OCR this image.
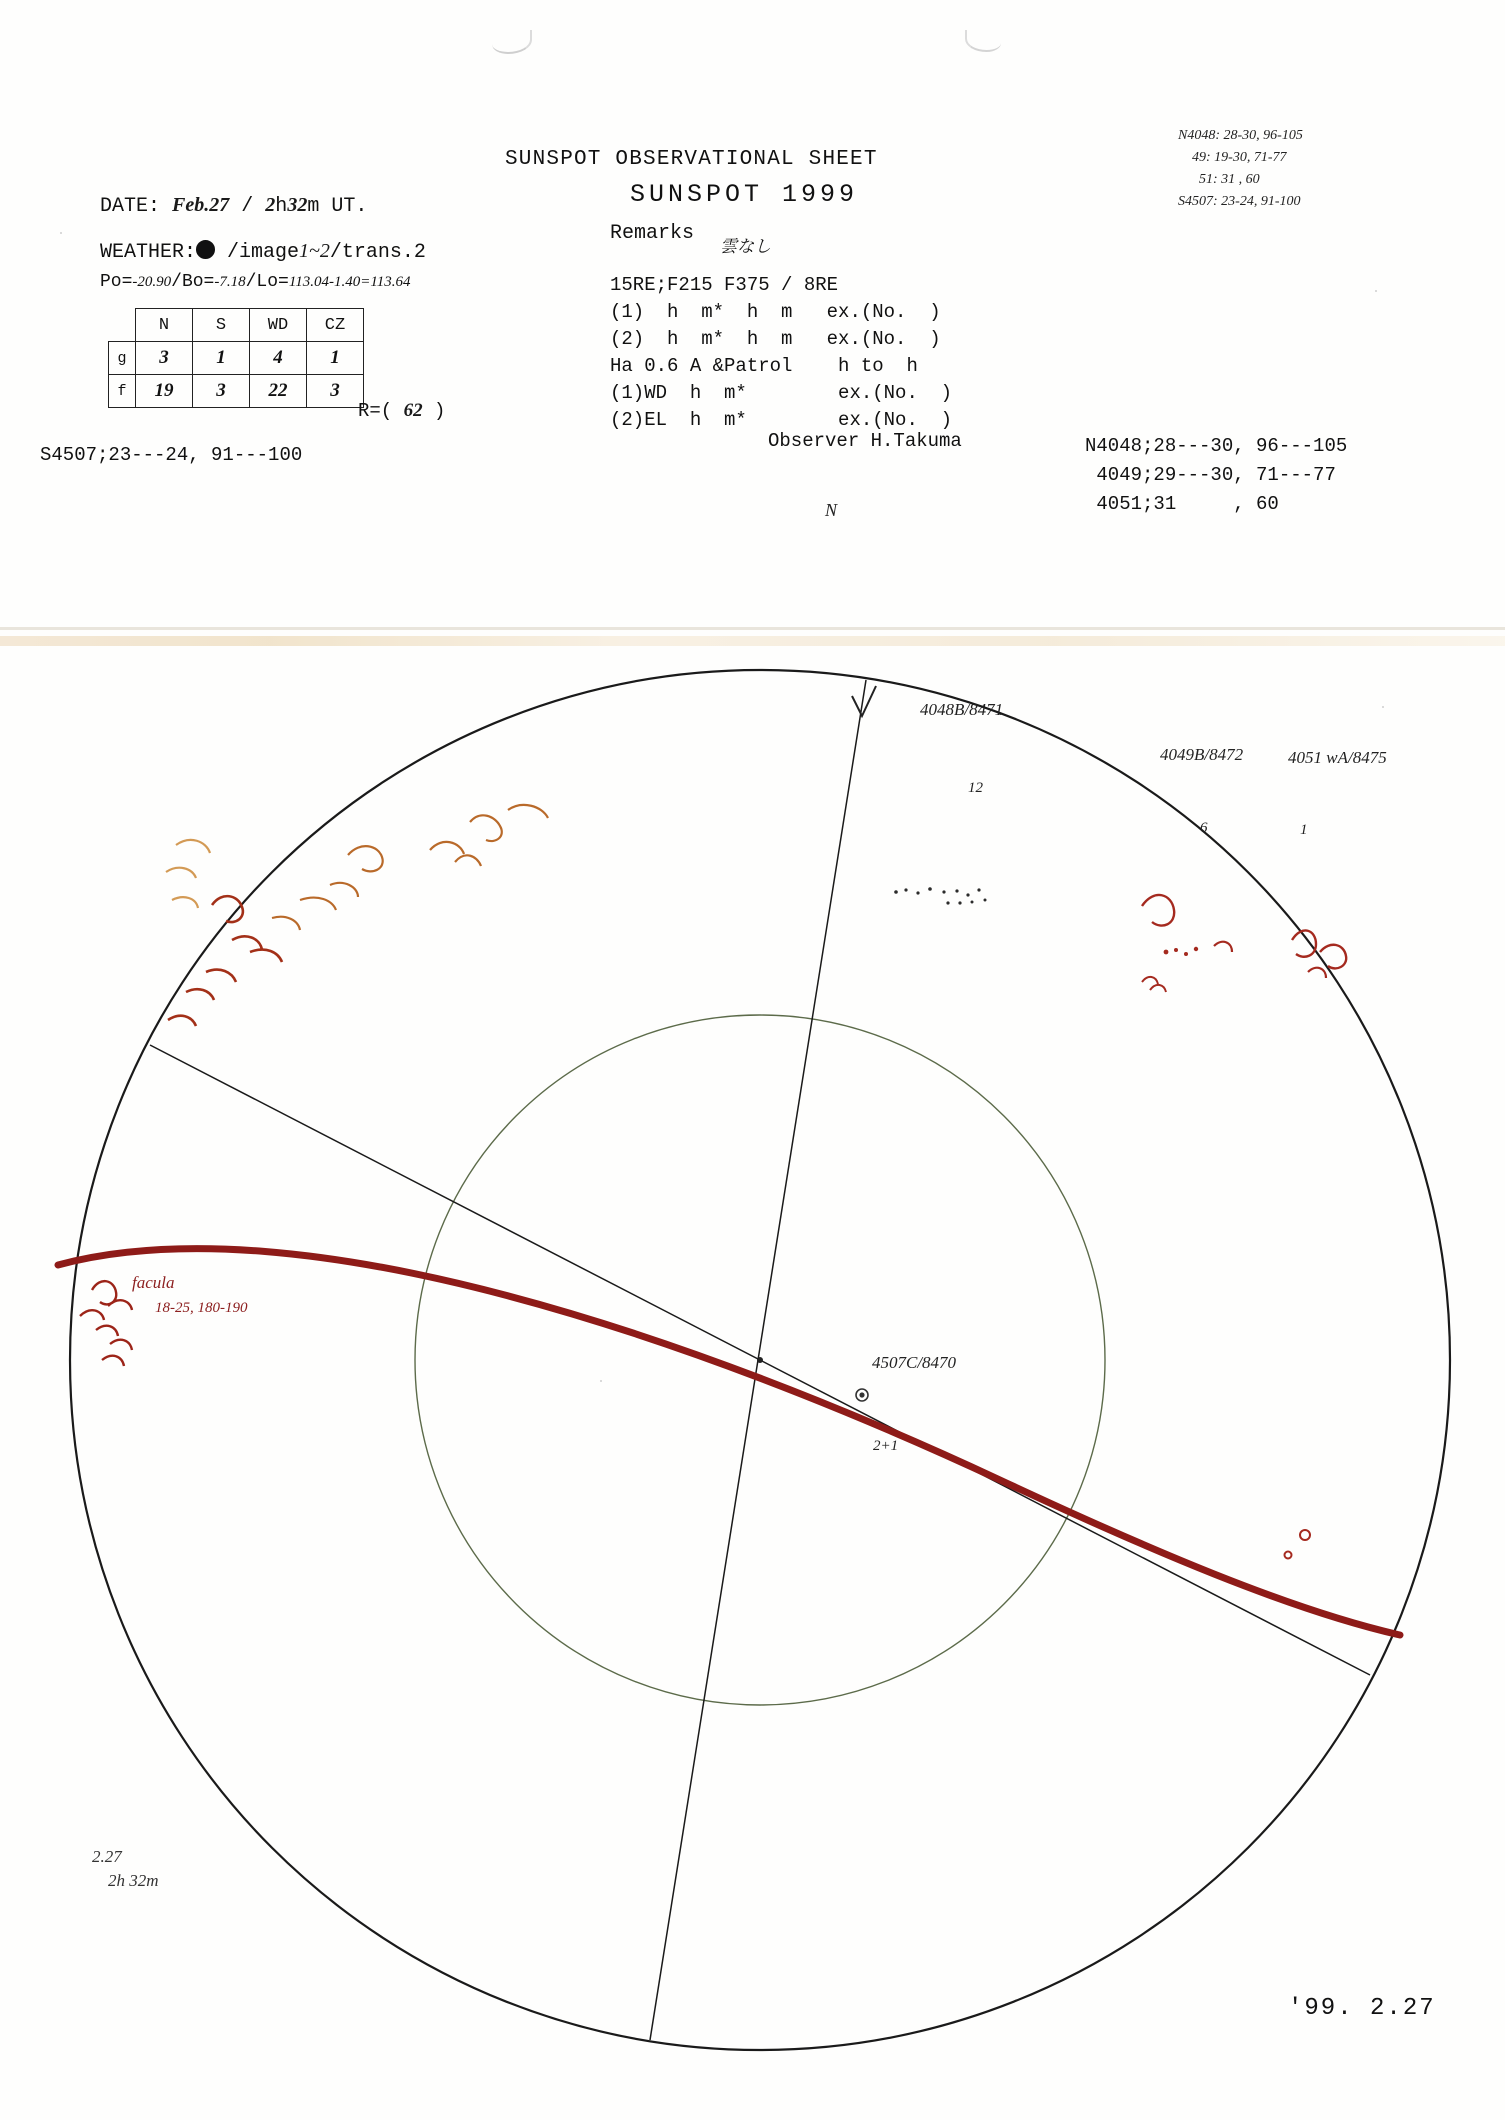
SUNSPOT OBSERVATIONAL SHEET
SUNSPOT 1999
DATE: Feb.27 / 2h32m UT.
WEATHER: /image1~2/trans.2
Po=-20.90/Bo=-7.18/Lo=113.04-1.40=113.64
	N	S	WD	CZ
g	3	1	4	1
f	19	3	22	3
R=( 62 )
S4507;23---24, 91---100
Remarks
雲なし
15RE;F215 F375 / 8RE
(1)  h  m*  h  m   ex.(No.  )
(2)  h  m*  h  m   ex.(No.  )
Ha 0.6 A &Patrol    h to  h
(1)WD  h  m*        ex.(No.  )
(2)EL  h  m*        ex.(No.  )
Observer H.Takuma
N4048: 28-30, 96-105
49: 19-30, 71-77
51: 31 , 60
S4507: 23-24, 91-100
N4048;28---30, 96---105
4049;29---30, 71---77
4051;31     , 60
4048B/8471
12
4049B/8472
6
4051 wA/8475
1
4507C/8470
2+1
facula
18-25, 180-190
N
2.27
2h 32m
'99. 2.27
